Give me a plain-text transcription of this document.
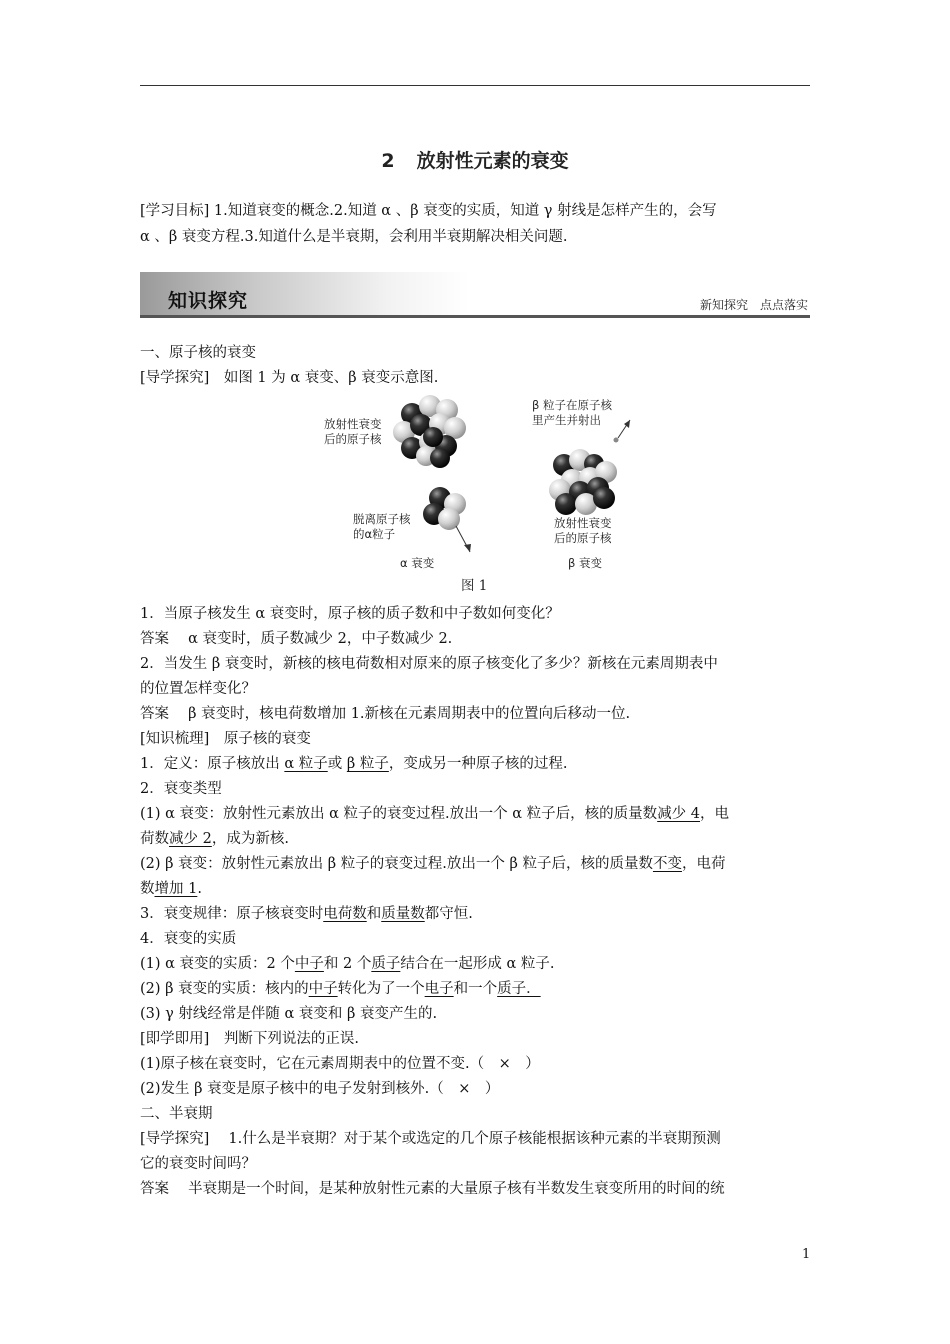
2 放射性元素的衰变
[学习目标] 1.知道衰变的概念.2.知道 α 、β 衰变的实质，知道 γ 射线是怎样产生的，会写
α 、β 衰变方程.3.知道什么是半衰期，会利用半衰期解决相关问题.
知识探究	新知探究 点点落实
一、原子核的衰变
[导学探究]　如图 1 为 α 衰变、β 衰变示意图.
放射性衰变
后的原子核
脱离原子核
的α粒子
α 衰变
β 粒子在原子核
里产生并射出
放射性衰变
后的原子核
β 衰变
图 1
1．当原子核发生 α 衰变时，原子核的质子数和中子数如何变化？
答案　 α 衰变时，质子数减少 2，中子数减少 2.
2．当发生 β 衰变时，新核的核电荷数相对原来的原子核变化了多少？新核在元素周期表中
的位置怎样变化？
答案　 β 衰变时，核电荷数增加 1.新核在元素周期表中的位置向后移动一位.
[知识梳理]　原子核的衰变
1．定义：原子核放出 α 粒子或 β 粒子，变成另一种原子核的过程.
2．衰变类型
(1) α 衰变：放射性元素放出 α 粒子的衰变过程.放出一个 α 粒子后，核的质量数减少 4，电
荷数减少 2，成为新核.
(2) β 衰变：放射性元素放出 β 粒子的衰变过程.放出一个 β 粒子后，核的质量数不变，电荷
数增加 1.
3．衰变规律：原子核衰变时电荷数和质量数都守恒.
4．衰变的实质
(1) α 衰变的实质：2 个中子和 2 个质子结合在一起形成 α 粒子.
(2) β 衰变的实质：核内的中子转化为了一个电子和一个质子．
(3) γ 射线经常是伴随 α 衰变和 β 衰变产生的.
[即学即用]　判断下列说法的正误.
(1)原子核在衰变时，它在元素周期表中的位置不变.（　×　）
(2)发生 β 衰变是原子核中的电子发射到核外.（　×　）
二、半衰期
[导学探究]　 1.什么是半衰期？对于某个或选定的几个原子核能根据该种元素的半衰期预测
它的衰变时间吗？
答案　 半衰期是一个时间，是某种放射性元素的大量原子核有半数发生衰变所用的时间的统
1
